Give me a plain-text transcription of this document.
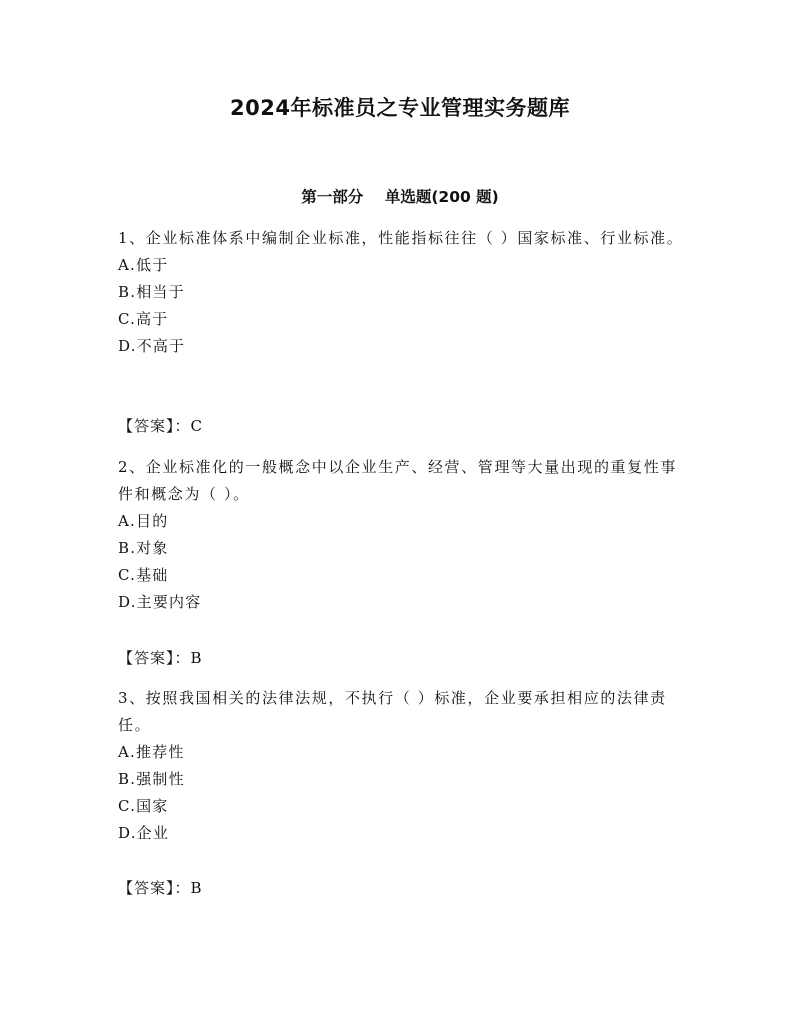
2024年标准员之专业管理实务题库
第一部分    单选题(200 题)

1、企业标准体系中编制企业标准，性能指标往往（ ）国家标准、行业标准。

A.低于

B.相当于

C.高于

D.不高于

【答案】：C

2、企业标准化的一般概念中以企业生产、经营、管理等大量出现的重复性事件和概念为（ ）。

A.目的

B.对象

C.基础

D.主要内容

【答案】：B

3、按照我国相关的法律法规，不执行（ ）标准，企业要承担相应的法律责任。

A.推荐性

B.强制性

C.国家

D.企业

【答案】：B
